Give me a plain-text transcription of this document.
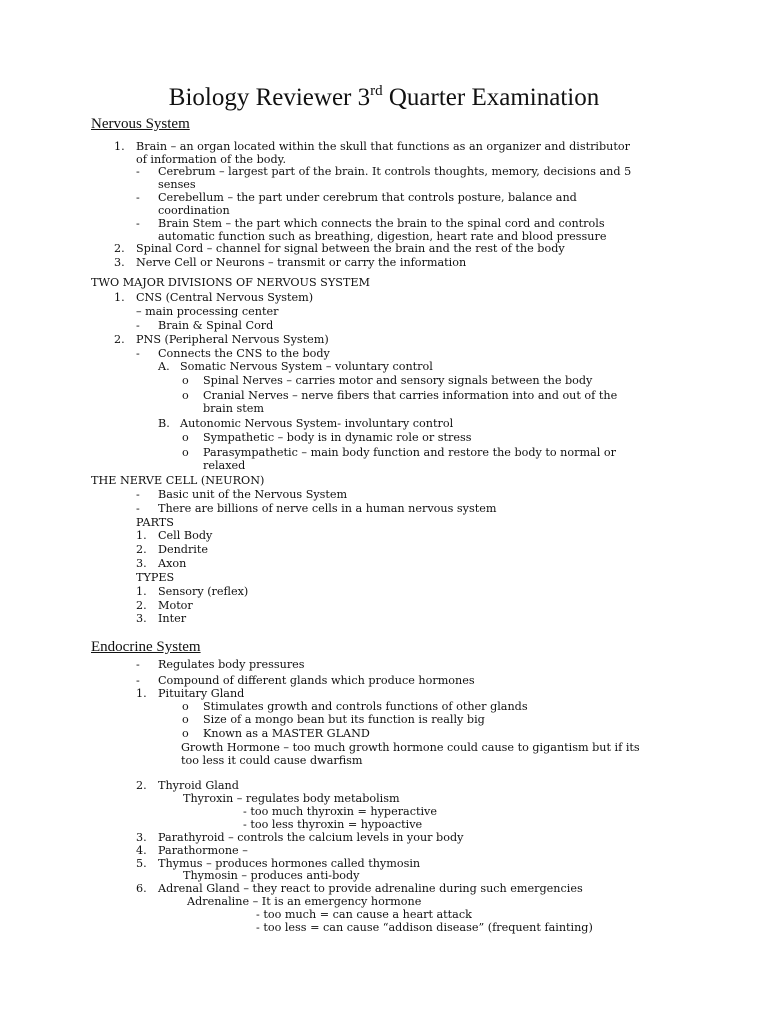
Biology Reviewer 3rd Quarter Examination
Nervous System
1. Brain – an organ located within the skull that functions as an organizer and distributor
of information of the body.
- Cerebrum – largest part of the brain. It controls thoughts, memory, decisions and 5
senses
- Cerebellum – the part under cerebrum that controls posture, balance and
coordination
- Brain Stem – the part which connects the brain to the spinal cord and controls
automatic function such as breathing, digestion, heart rate and blood pressure
2. Spinal Cord – channel for signal between the brain and the rest of the body
3. Nerve Cell or Neurons – transmit or carry the information
TWO MAJOR DIVISIONS OF NERVOUS SYSTEM
1. CNS (Central Nervous System)
– main processing center
- Brain & Spinal Cord
2. PNS (Peripheral Nervous System)
- Connects the CNS to the body
A. Somatic Nervous System – voluntary control
o Spinal Nerves – carries motor and sensory signals between the body
o Cranial Nerves – nerve fibers that carries information into and out of the
brain stem
B. Autonomic Nervous System- involuntary control
o Sympathetic – body is in dynamic role or stress
o Parasympathetic – main body function and restore the body to normal or
relaxed
THE NERVE CELL (NEURON)
- Basic unit of the Nervous System
- There are billions of nerve cells in a human nervous system
PARTS
1. Cell Body
2. Dendrite
3. Axon
TYPES
1. Sensory (reflex)
2. Motor
3. Inter
Endocrine System
- Regulates body pressures
- Compound of different glands which produce hormones
1. Pituitary Gland
o Stimulates growth and controls functions of other glands
o Size of a mongo bean but its function is really big
o Known as a MASTER GLAND
Growth Hormone – too much growth hormone could cause to gigantism but if its
too less it could cause dwarfism
2. Thyroid Gland
Thyroxin – regulates body metabolism
- too much thyroxin = hyperactive
- too less thyroxin = hypoactive
3. Parathyroid – controls the calcium levels in your body
4. Parathormone –
5. Thymus – produces hormones called thymosin
Thymosin – produces anti-body
6. Adrenal Gland – they react to provide adrenaline during such emergencies
Adrenaline – It is an emergency hormone
- too much = can cause a heart attack
- too less = can cause “addison disease” (frequent fainting)
